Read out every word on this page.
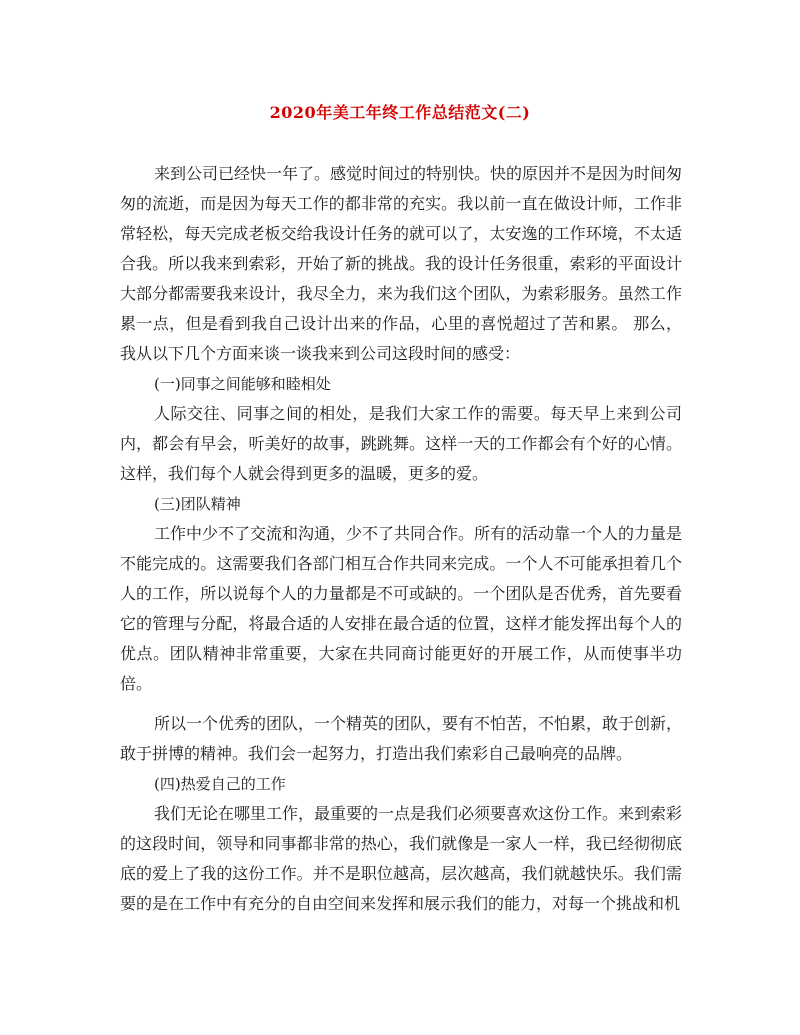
2020年美工年终工作总结范文(二)

来到公司已经快一年了。感觉时间过的特别快。快的原因并不是因为时间匆匆的流逝，而是因为每天工作的都非常的充实。我以前一直在做设计师，工作非常轻松，每天完成老板交给我设计任务的就可以了，太安逸的工作环境，不太适合我。所以我来到索彩，开始了新的挑战。我的设计任务很重，索彩的平面设计大部分都需要我来设计，我尽全力，来为我们这个团队，为索彩服务。虽然工作累一点，但是看到我自己设计出来的作品，心里的喜悦超过了苦和累。 那么，我从以下几个方面来谈一谈我来到公司这段时间的感受：

(一)同事之间能够和睦相处

人际交往、同事之间的相处，是我们大家工作的需要。每天早上来到公司内，都会有早会，听美好的故事，跳跳舞。这样一天的工作都会有个好的心情。这样，我们每个人就会得到更多的温暖，更多的爱。

(三)团队精神

工作中少不了交流和沟通，少不了共同合作。所有的活动靠一个人的力量是不能完成的。这需要我们各部门相互合作共同来完成。一个人不可能承担着几个人的工作，所以说每个人的力量都是不可或缺的。一个团队是否优秀，首先要看它的管理与分配，将最合适的人安排在最合适的位置，这样才能发挥出每个人的优点。团队精神非常重要，大家在共同商讨能更好的开展工作，从而使事半功倍。

所以一个优秀的团队，一个精英的团队，要有不怕苦，不怕累，敢于创新，敢于拼博的精神。我们会一起努力，打造出我们索彩自己最响亮的品牌。

(四)热爱自己的工作

我们无论在哪里工作，最重要的一点是我们必须要喜欢这份工作。来到索彩的这段时间，领导和同事都非常的热心，我们就像是一家人一样，我已经彻彻底底的爱上了我的这份工作。并不是职位越高，层次越高，我们就越快乐。我们需要的是在工作中有充分的自由空间来发挥和展示我们的能力，对每一个挑战和机
